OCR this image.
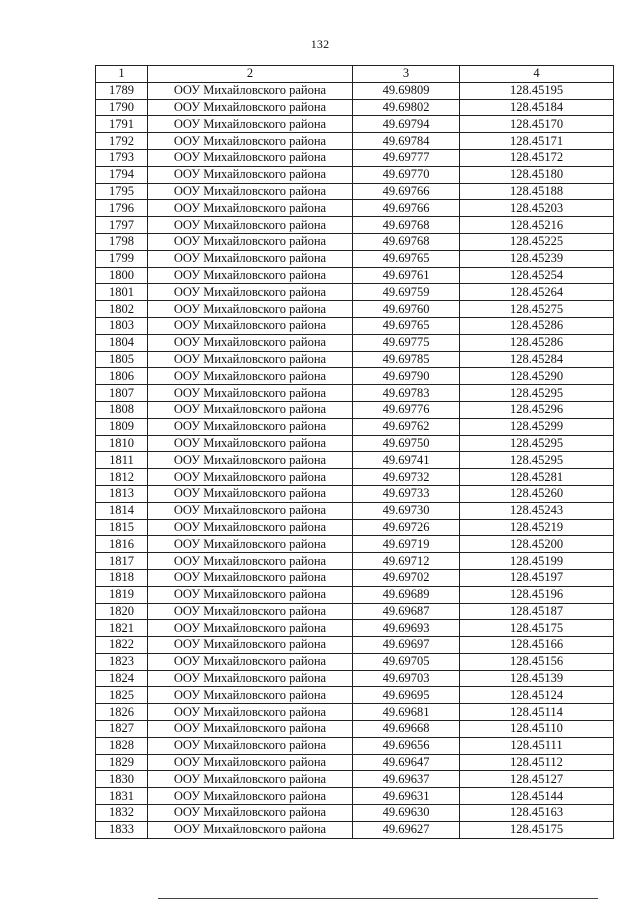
132
1	2	3	4
1789	ООУ Михайловского района	49.69809	128.45195
1790	ООУ Михайловского района	49.69802	128.45184
1791	ООУ Михайловского района	49.69794	128.45170
1792	ООУ Михайловского района	49.69784	128.45171
1793	ООУ Михайловского района	49.69777	128.45172
1794	ООУ Михайловского района	49.69770	128.45180
1795	ООУ Михайловского района	49.69766	128.45188
1796	ООУ Михайловского района	49.69766	128.45203
1797	ООУ Михайловского района	49.69768	128.45216
1798	ООУ Михайловского района	49.69768	128.45225
1799	ООУ Михайловского района	49.69765	128.45239
1800	ООУ Михайловского района	49.69761	128.45254
1801	ООУ Михайловского района	49.69759	128.45264
1802	ООУ Михайловского района	49.69760	128.45275
1803	ООУ Михайловского района	49.69765	128.45286
1804	ООУ Михайловского района	49.69775	128.45286
1805	ООУ Михайловского района	49.69785	128.45284
1806	ООУ Михайловского района	49.69790	128.45290
1807	ООУ Михайловского района	49.69783	128.45295
1808	ООУ Михайловского района	49.69776	128.45296
1809	ООУ Михайловского района	49.69762	128.45299
1810	ООУ Михайловского района	49.69750	128.45295
1811	ООУ Михайловского района	49.69741	128.45295
1812	ООУ Михайловского района	49.69732	128.45281
1813	ООУ Михайловского района	49.69733	128.45260
1814	ООУ Михайловского района	49.69730	128.45243
1815	ООУ Михайловского района	49.69726	128.45219
1816	ООУ Михайловского района	49.69719	128.45200
1817	ООУ Михайловского района	49.69712	128.45199
1818	ООУ Михайловского района	49.69702	128.45197
1819	ООУ Михайловского района	49.69689	128.45196
1820	ООУ Михайловского района	49.69687	128.45187
1821	ООУ Михайловского района	49.69693	128.45175
1822	ООУ Михайловского района	49.69697	128.45166
1823	ООУ Михайловского района	49.69705	128.45156
1824	ООУ Михайловского района	49.69703	128.45139
1825	ООУ Михайловского района	49.69695	128.45124
1826	ООУ Михайловского района	49.69681	128.45114
1827	ООУ Михайловского района	49.69668	128.45110
1828	ООУ Михайловского района	49.69656	128.45111
1829	ООУ Михайловского района	49.69647	128.45112
1830	ООУ Михайловского района	49.69637	128.45127
1831	ООУ Михайловского района	49.69631	128.45144
1832	ООУ Михайловского района	49.69630	128.45163
1833	ООУ Михайловского района	49.69627	128.45175
